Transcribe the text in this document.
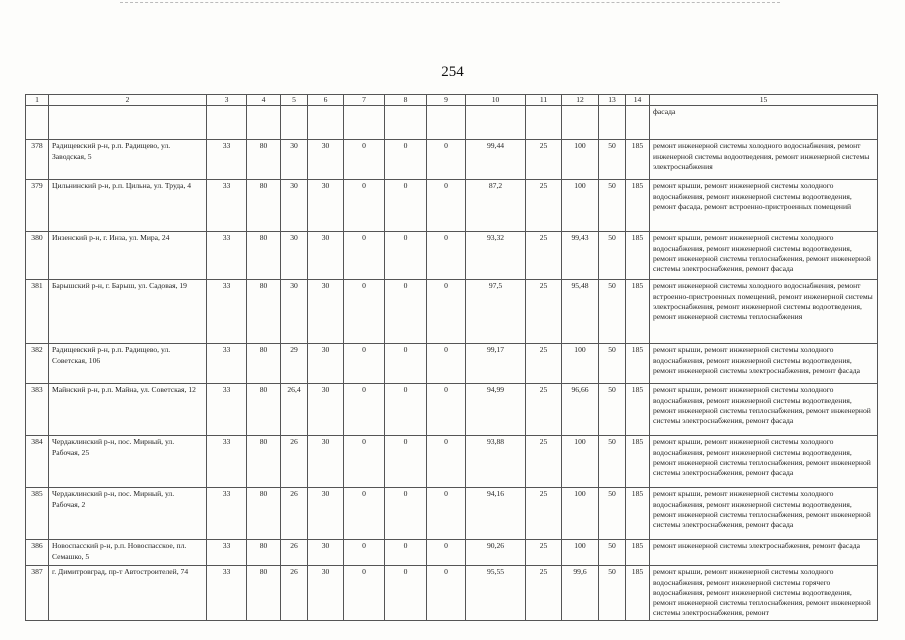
254
1	2	3	4	5	6	7	8	9	10	11	12	13	14	15
														фасада
378	Радищевский р-н, р.п. Радищево, ул. Заводская, 5	33	80	30	30	0	0	0	99,44	25	100	50	185	ремонт инженерной системы холодного водоснабжения, ремонт инженерной системы водоотведения, ремонт инженерной системы электроснабжения
379	Цильнинский р-н, р.п. Цильна, ул. Труда, 4	33	80	30	30	0	0	0	87,2	25	100	50	185	ремонт крыши, ремонт инженерной системы холодного водоснабжения, ремонт инженерной системы водоотведения, ремонт фасада, ремонт встроенно-пристроенных помещений
380	Инзенский р-н, г. Инза, ул. Мира, 24	33	80	30	30	0	0	0	93,32	25	99,43	50	185	ремонт крыши, ремонт инженерной системы холодного водоснабжения, ремонт инженерной системы водоотведения, ремонт инженерной системы теплоснабжения, ремонт инженерной системы электроснабжения, ремонт фасада
381	Барышский р-н, г. Барыш, ул. Садовая, 19	33	80	30	30	0	0	0	97,5	25	95,48	50	185	ремонт инженерной системы холодного водоснабжения, ремонт встроенно-пристроенных помещений, ремонт инженерной системы электроснабжения, ремонт инженерной системы водоотведения, ремонт инженерной системы теплоснабжения
382	Радищевский р-н, р.п. Радищево, ул. Советская, 106	33	80	29	30	0	0	0	99,17	25	100	50	185	ремонт крыши, ремонт инженерной системы холодного водоснабжения, ремонт инженерной системы водоотведения, ремонт инженерной системы электроснабжения, ремонт фасада
383	Майнский р-н, р.п. Майна, ул. Советская, 12	33	80	26,4	30	0	0	0	94,99	25	96,66	50	185	ремонт крыши, ремонт инженерной системы холодного водоснабжения, ремонт инженерной системы водоотведения, ремонт инженерной системы теплоснабжения, ремонт инженерной системы электроснабжения, ремонт фасада
384	Чердаклинский р-н, пос. Мирный, ул. Рабочая, 25	33	80	26	30	0	0	0	93,88	25	100	50	185	ремонт крыши, ремонт инженерной системы холодного водоснабжения, ремонт инженерной системы водоотведения, ремонт инженерной системы теплоснабжения, ремонт инженерной системы электроснабжения, ремонт фасада
385	Чердаклинский р-н, пос. Мирный, ул. Рабочая, 2	33	80	26	30	0	0	0	94,16	25	100	50	185	ремонт крыши, ремонт инженерной системы холодного водоснабжения, ремонт инженерной системы водоотведения, ремонт инженерной системы теплоснабжения, ремонт инженерной системы электроснабжения, ремонт фасада
386	Новоспасский р-н, р.п. Новоспасское, пл. Семашко, 5	33	80	26	30	0	0	0	90,26	25	100	50	185	ремонт инженерной системы электроснабжения, ремонт фасада
387	г. Димитровград, пр-т Автостроителей, 74	33	80	26	30	0	0	0	95,55	25	99,6	50	185	ремонт крыши, ремонт инженерной системы холодного водоснабжения, ремонт инженерной системы горячего водоснабжения, ремонт инженерной системы водоотведения, ремонт инженерной системы теплоснабжения, ремонт инженерной системы электроснабжения, ремонт
